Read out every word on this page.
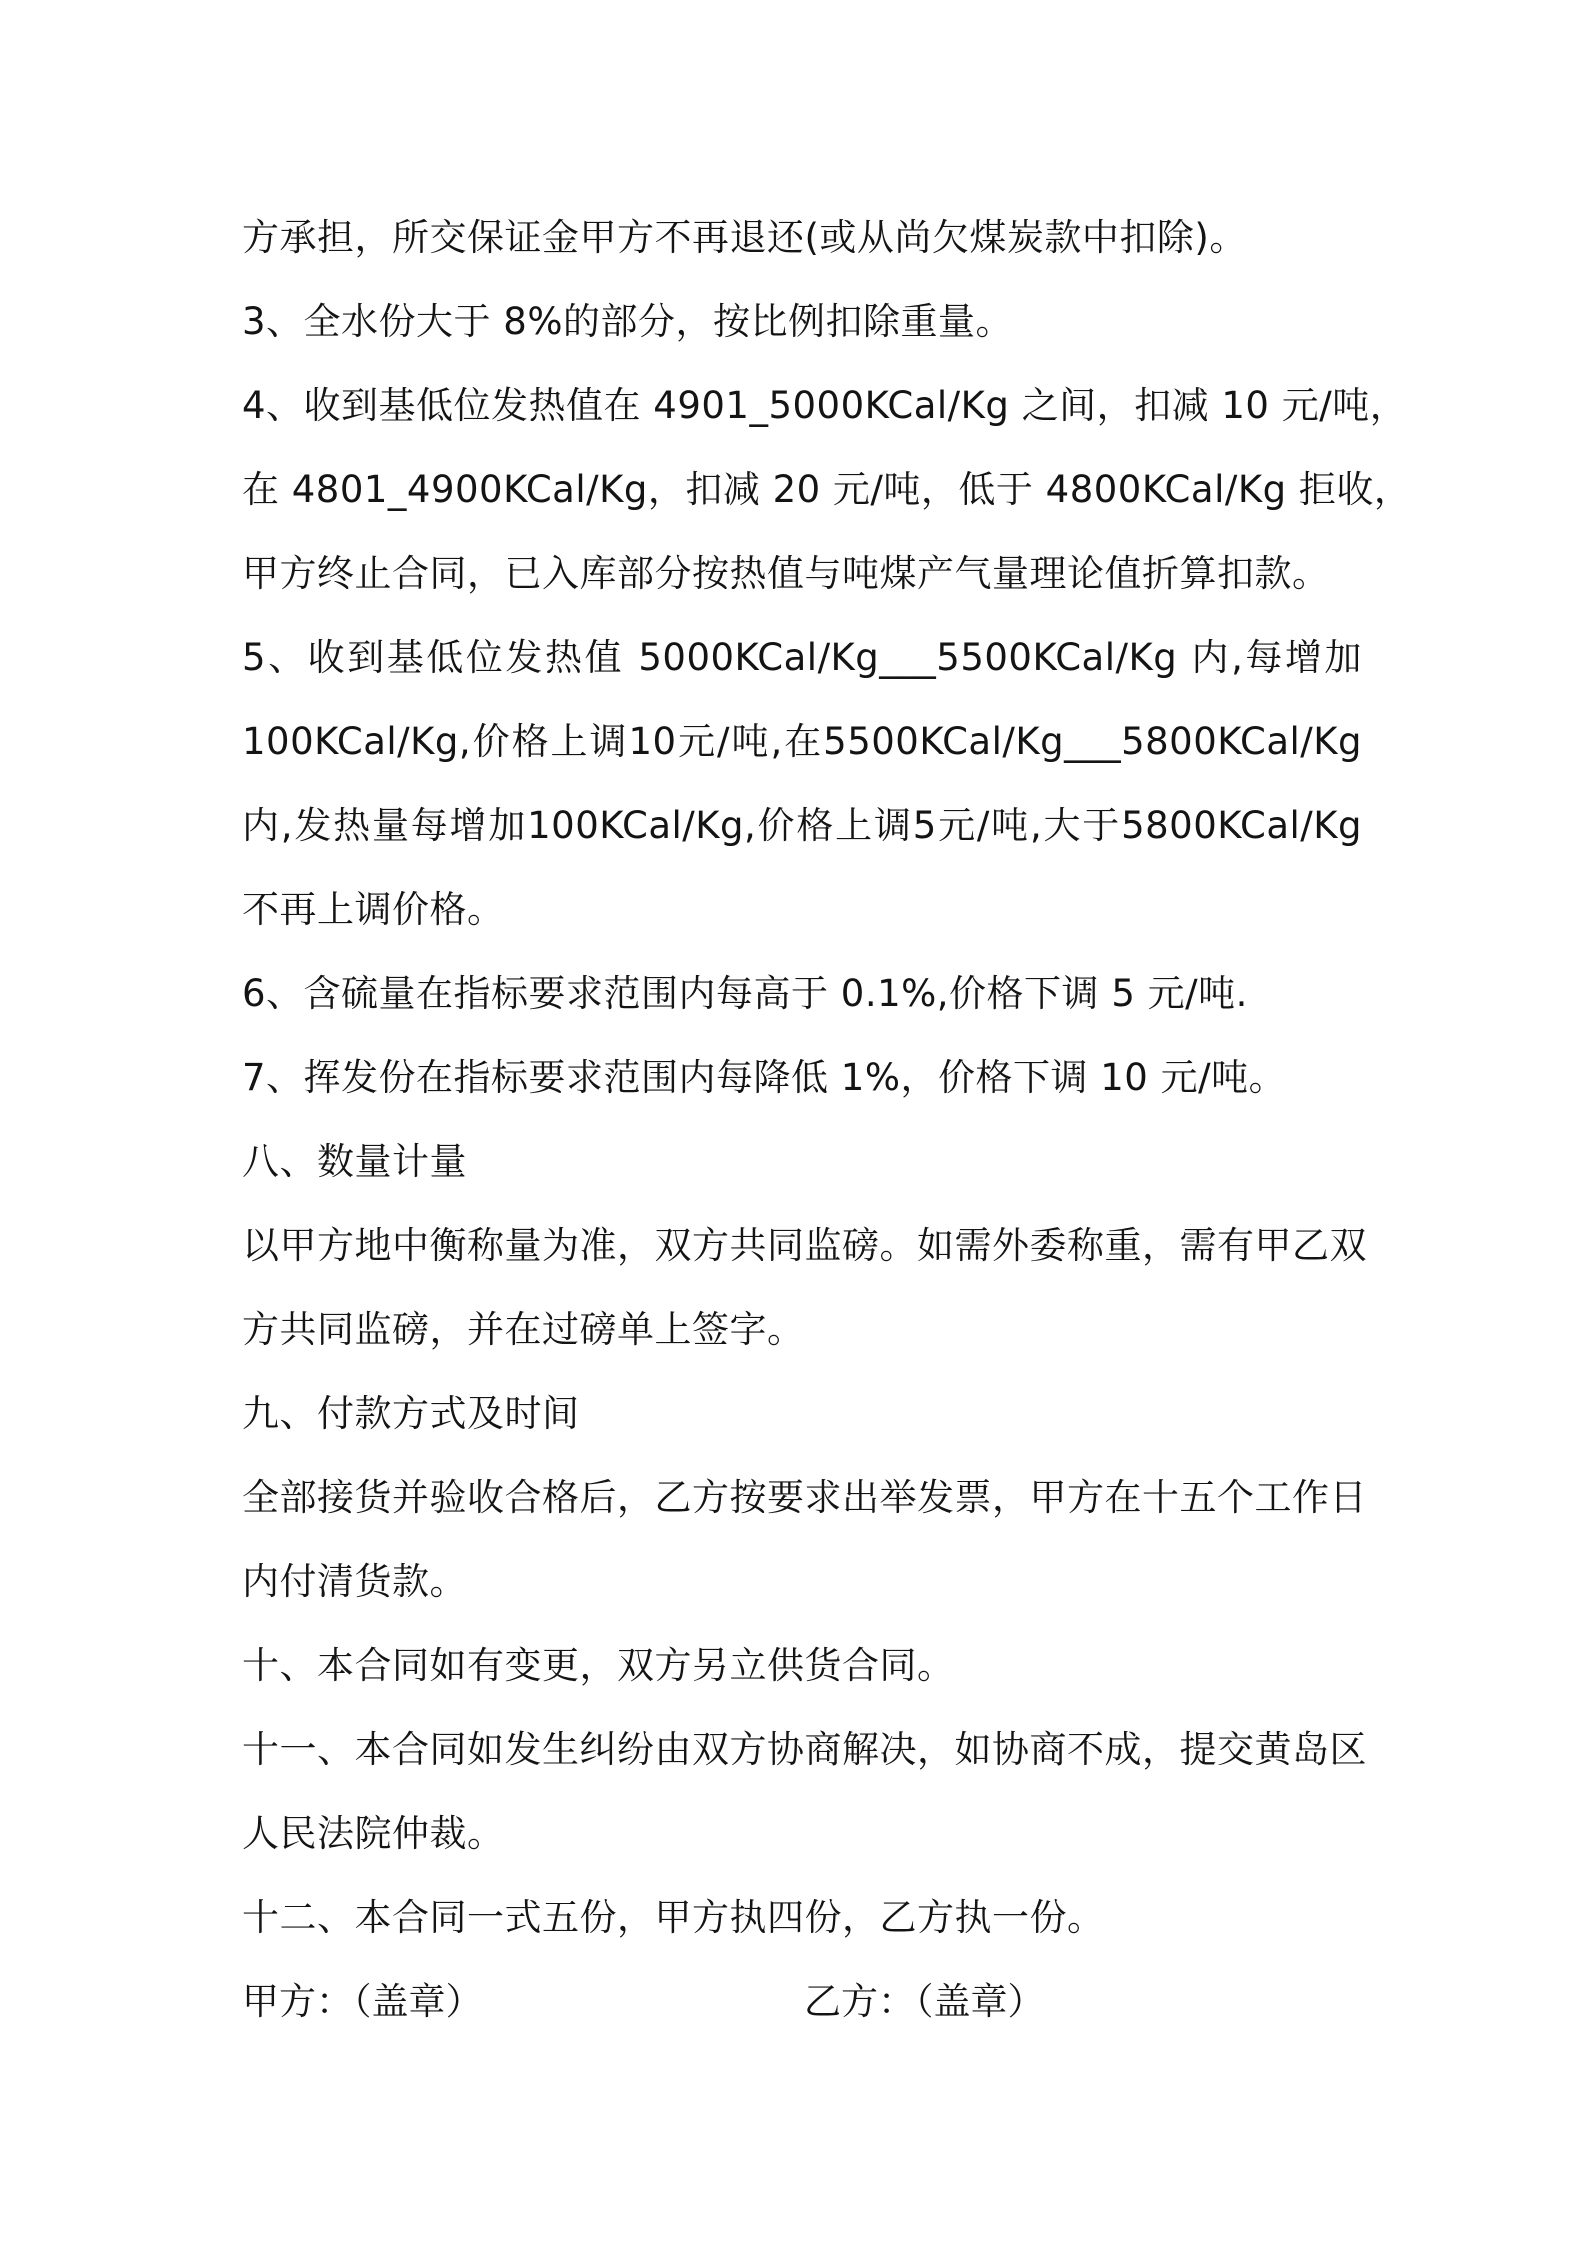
方承担，所交保证金甲方不再退还(或从尚欠煤炭款中扣除)。
3、全水份大于 8%的部分，按比例扣除重量。
4、收到基低位发热值在 4901_5000KCal/Kg 之间，扣减 10 元/吨，
在 4801_4900KCal/Kg，扣减 20 元/吨，低于 4800KCal/Kg 拒收，
甲方终止合同，已入库部分按热值与吨煤产气量理论值折算扣款。
5、收到基低位发热值 5000KCal/Kg___5500KCal/Kg 内,每增加
100KCal/Kg,价格上调10元/吨,在5500KCal/Kg___5800KCal/Kg
内,发热量每增加100KCal/Kg,价格上调5元/吨,大于5800KCal/Kg
不再上调价格。
6、含硫量在指标要求范围内每高于 0.1%,价格下调 5 元/吨.
7、挥发份在指标要求范围内每降低 1%，价格下调 10 元/吨。
八、数量计量
以甲方地中衡称量为准，双方共同监磅。如需外委称重，需有甲乙双
方共同监磅，并在过磅单上签字。
九、付款方式及时间
全部接货并验收合格后，乙方按要求出举发票，甲方在十五个工作日
内付清货款。
十、本合同如有变更，双方另立供货合同。
十一、本合同如发生纠纷由双方协商解决，如协商不成，提交黄岛区
人民法院仲裁。
十二、本合同一式五份，甲方执四份，乙方执一份。
甲方：（盖章）	乙方：（盖章）
